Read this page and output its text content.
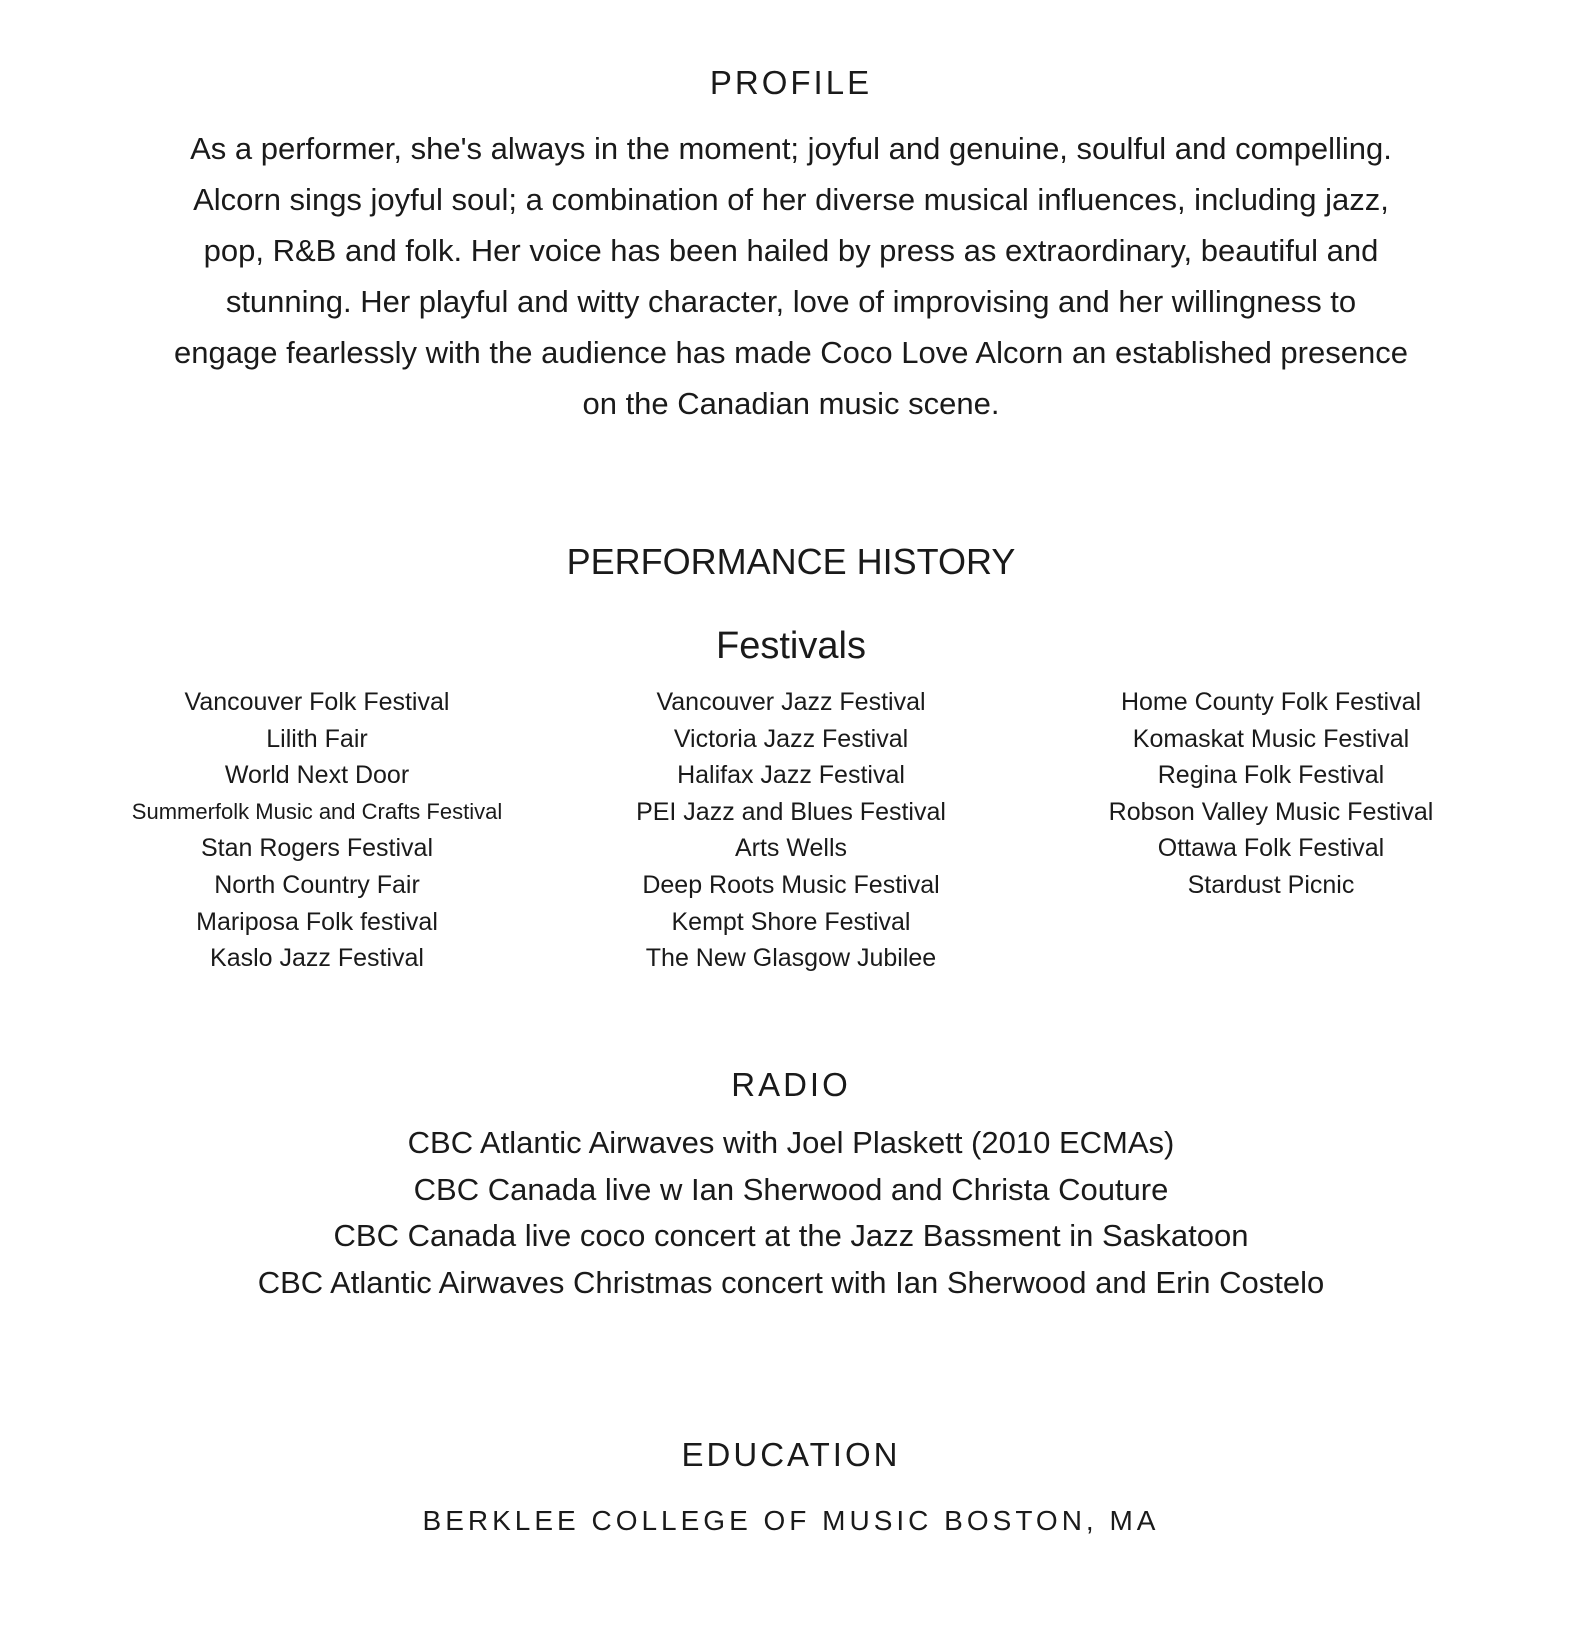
PROFILE

As a performer, she's always in the moment; joyful and genuine, soulful and compelling.
Alcorn sings joyful soul; a combination of her diverse musical influences, including jazz,
pop, R&B and folk. Her voice has been hailed by press as extraordinary, beautiful and
stunning. Her playful and witty character, love of improvising and her willingness to
engage fearlessly with the audience has made Coco Love Alcorn an established presence
on the Canadian music scene.

PERFORMANCE HISTORY
Festivals
Vancouver Folk Festival
Lilith Fair
World Next Door
Summerfolk Music and Crafts Festival
Stan Rogers Festival
North Country Fair
Mariposa Folk festival
Kaslo Jazz Festival
Vancouver Jazz Festival
Victoria Jazz Festival
Halifax Jazz Festival
PEI Jazz and Blues Festival
Arts Wells
Deep Roots Music Festival
Kempt Shore Festival
The New Glasgow Jubilee
Home County Folk Festival
Komaskat Music Festival
Regina Folk Festival
Robson Valley Music Festival
Ottawa Folk Festival
Stardust Picnic
RADIO
CBC Atlantic Airwaves with Joel Plaskett (2010 ECMAs)
CBC Canada live w Ian Sherwood and Christa Couture
CBC Canada live coco concert at the Jazz Bassment in Saskatoon
CBC Atlantic Airwaves Christmas concert with Ian Sherwood and Erin Costelo
EDUCATION

BERKLEE COLLEGE OF MUSIC BOSTON, MA
